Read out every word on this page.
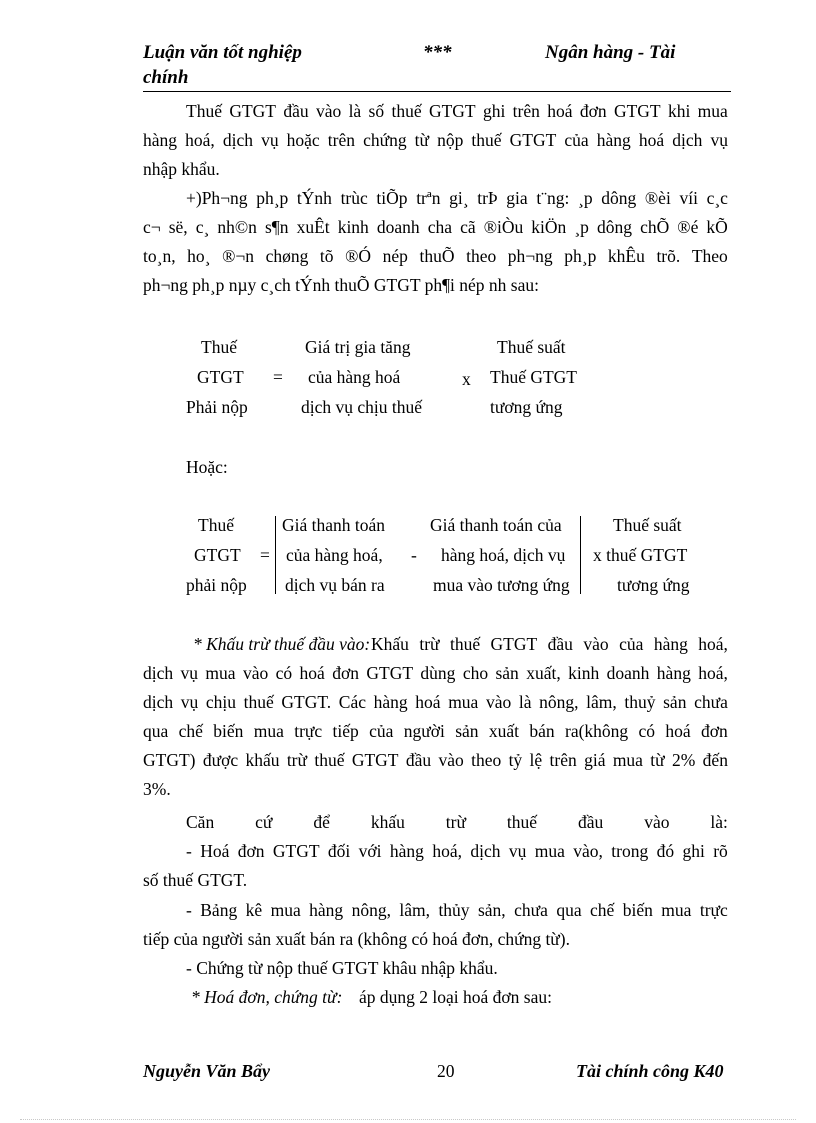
Luận văn tốt nghiệp
chính
***	Ngân hàng - Tài
Thuế GTGT đầu vào là số thuế GTGT ghi trên hoá đơn GTGT khi mua
hàng hoá, dịch vụ hoặc trên chứng từ nộp thuế GTGT của hàng hoá dịch vụ
nhập khẩu.
+)Ph¬ng ph¸p tÝnh trùc tiÕp trªn gi¸ trÞ gia t¨ng: ¸p dông ®èi víi c¸c
c¬ së, c¸ nh©n s¶n xuÊt kinh doanh cha cã ®iÒu kiÖn ¸p dông chÕ ®é kÕ
to¸n, ho¸ ®¬n chøng tõ ®Ó nép thuÕ theo ph¬ng ph¸p khÊu trõ. Theo
ph¬ng ph¸p nµy c¸ch tÝnh thuÕ GTGT ph¶i nép nh sau:
Thuế
GTGT
Phải nộp
=
Giá trị gia tăng
của hàng hoá
dịch vụ chịu thuế
x
Thuế suất
Thuế GTGT
tương ứng
Hoặc:
Thuế
GTGT
phải nộp
=
Giá thanh toán
của hàng hoá,
dịch vụ bán ra
-
Giá thanh toán của
hàng hoá, dịch vụ
mua vào tương ứng
Thuế suất
x thuế GTGT
tương ứng
* Khấu trừ thuế đầu vào: Khấu trừ thuế GTGT đầu vào của hàng hoá,
dịch vụ mua vào có hoá đơn GTGT dùng cho sản xuất, kinh doanh hàng hoá,
dịch vụ chịu thuế GTGT. Các hàng hoá mua vào là nông, lâm, thuỷ sản chưa
qua chế biến mua trực tiếp của người sản xuất bán ra(không có hoá đơn
GTGT) được khấu trừ thuế GTGT đầu vào theo tỷ lệ trên giá mua từ 2% đến
3%.
Căn cứ để khấu trừ thuế đầu vào là:
- Hoá đơn GTGT đối với hàng hoá, dịch vụ mua vào, trong đó ghi rõ
số thuế GTGT.
- Bảng kê mua hàng nông, lâm, thủy sản, chưa qua chế biến mua trực
tiếp của người sản xuất bán ra (không có hoá đơn, chứng từ).
- Chứng từ nộp thuế GTGT khâu nhập khẩu.
* Hoá đơn, chứng từ: áp dụng 2 loại hoá đơn sau:
Nguyễn Văn Bẩy	20	Tài chính công K40
